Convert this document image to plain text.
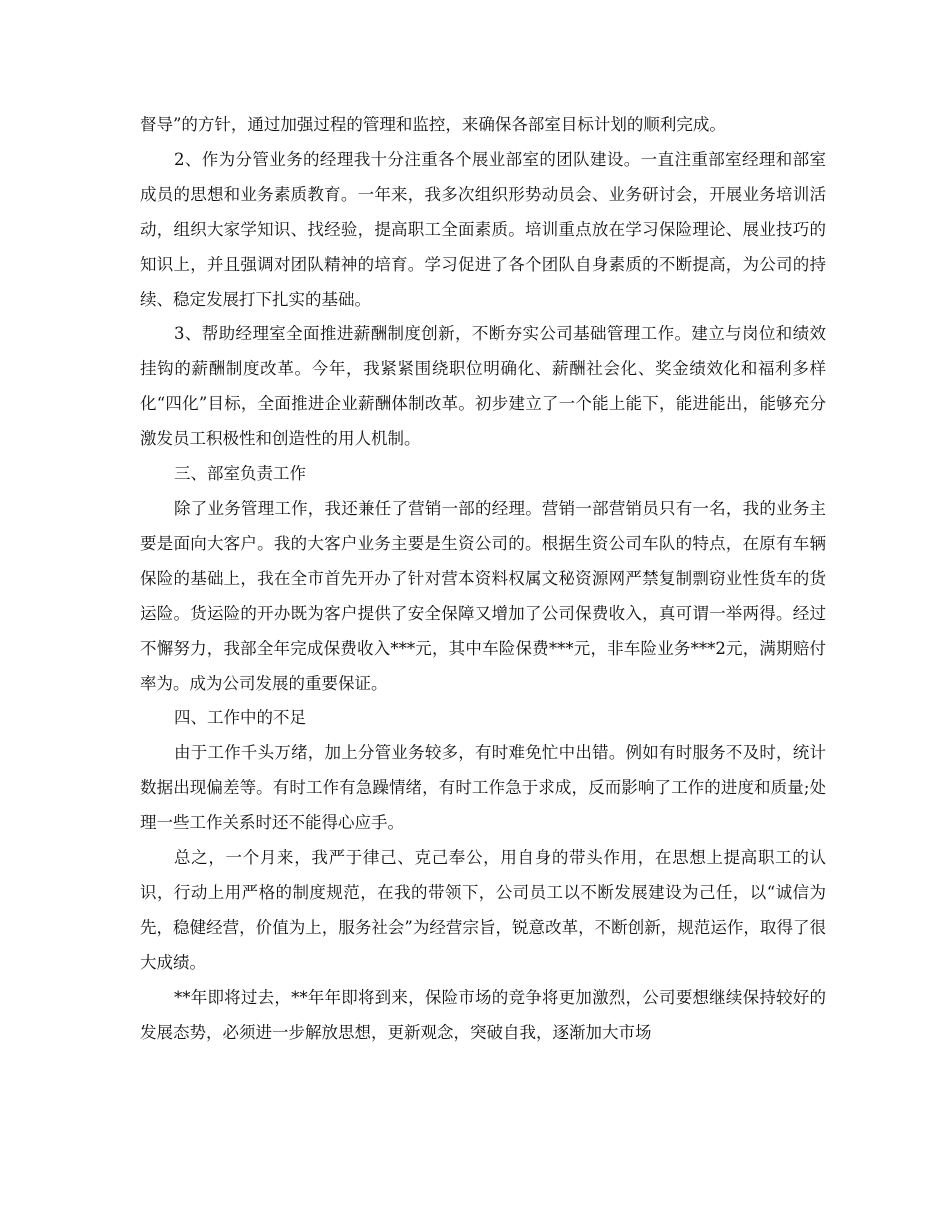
督导”的方针，通过加强过程的管理和监控，来确保各部室目标计划的顺利完成。

2、作为分管业务的经理我十分注重各个展业部室的团队建设。一直注重部室经理和部室成员的思想和业务素质教育。一年来，我多次组织形势动员会、业务研讨会，开展业务培训活动，组织大家学知识、找经验，提高职工全面素质。培训重点放在学习保险理论、展业技巧的知识上，并且强调对团队精神的培育。学习促进了各个团队自身素质的不断提高，为公司的持续、稳定发展打下扎实的基础。

3、帮助经理室全面推进薪酬制度创新，不断夯实公司基础管理工作。建立与岗位和绩效挂钩的薪酬制度改革。今年，我紧紧围绕职位明确化、薪酬社会化、奖金绩效化和福利多样化“四化”目标，全面推进企业薪酬体制改革。初步建立了一个能上能下，能进能出，能够充分激发员工积极性和创造性的用人机制。

三、部室负责工作

除了业务管理工作，我还兼任了营销一部的经理。营销一部营销员只有一名，我的业务主要是面向大客户。我的大客户业务主要是生资公司的。根据生资公司车队的特点，在原有车辆保险的基础上，我在全市首先开办了针对营本资料权属文秘资源网严禁复制剽窃业性货车的货运险。货运险的开办既为客户提供了安全保障又增加了公司保费收入，真可谓一举两得。经过不懈努力，我部全年完成保费收入***元，其中车险保费***元，非车险业务***2元，满期赔付率为。成为公司发展的重要保证。

四、工作中的不足

由于工作千头万绪，加上分管业务较多，有时难免忙中出错。例如有时服务不及时，统计数据出现偏差等。有时工作有急躁情绪，有时工作急于求成，反而影响了工作的进度和质量;处理一些工作关系时还不能得心应手。

总之，一个月来，我严于律己、克己奉公，用自身的带头作用，在思想上提高职工的认识，行动上用严格的制度规范，在我的带领下，公司员工以不断发展建设为己任，以“诚信为先，稳健经营，价值为上，服务社会”为经营宗旨，锐意改革，不断创新，规范运作，取得了很大成绩。

**年即将过去，**年年即将到来，保险市场的竞争将更加激烈，公司要想继续保持较好的发展态势，必须进一步解放思想，更新观念，突破自我，逐渐加大市场
